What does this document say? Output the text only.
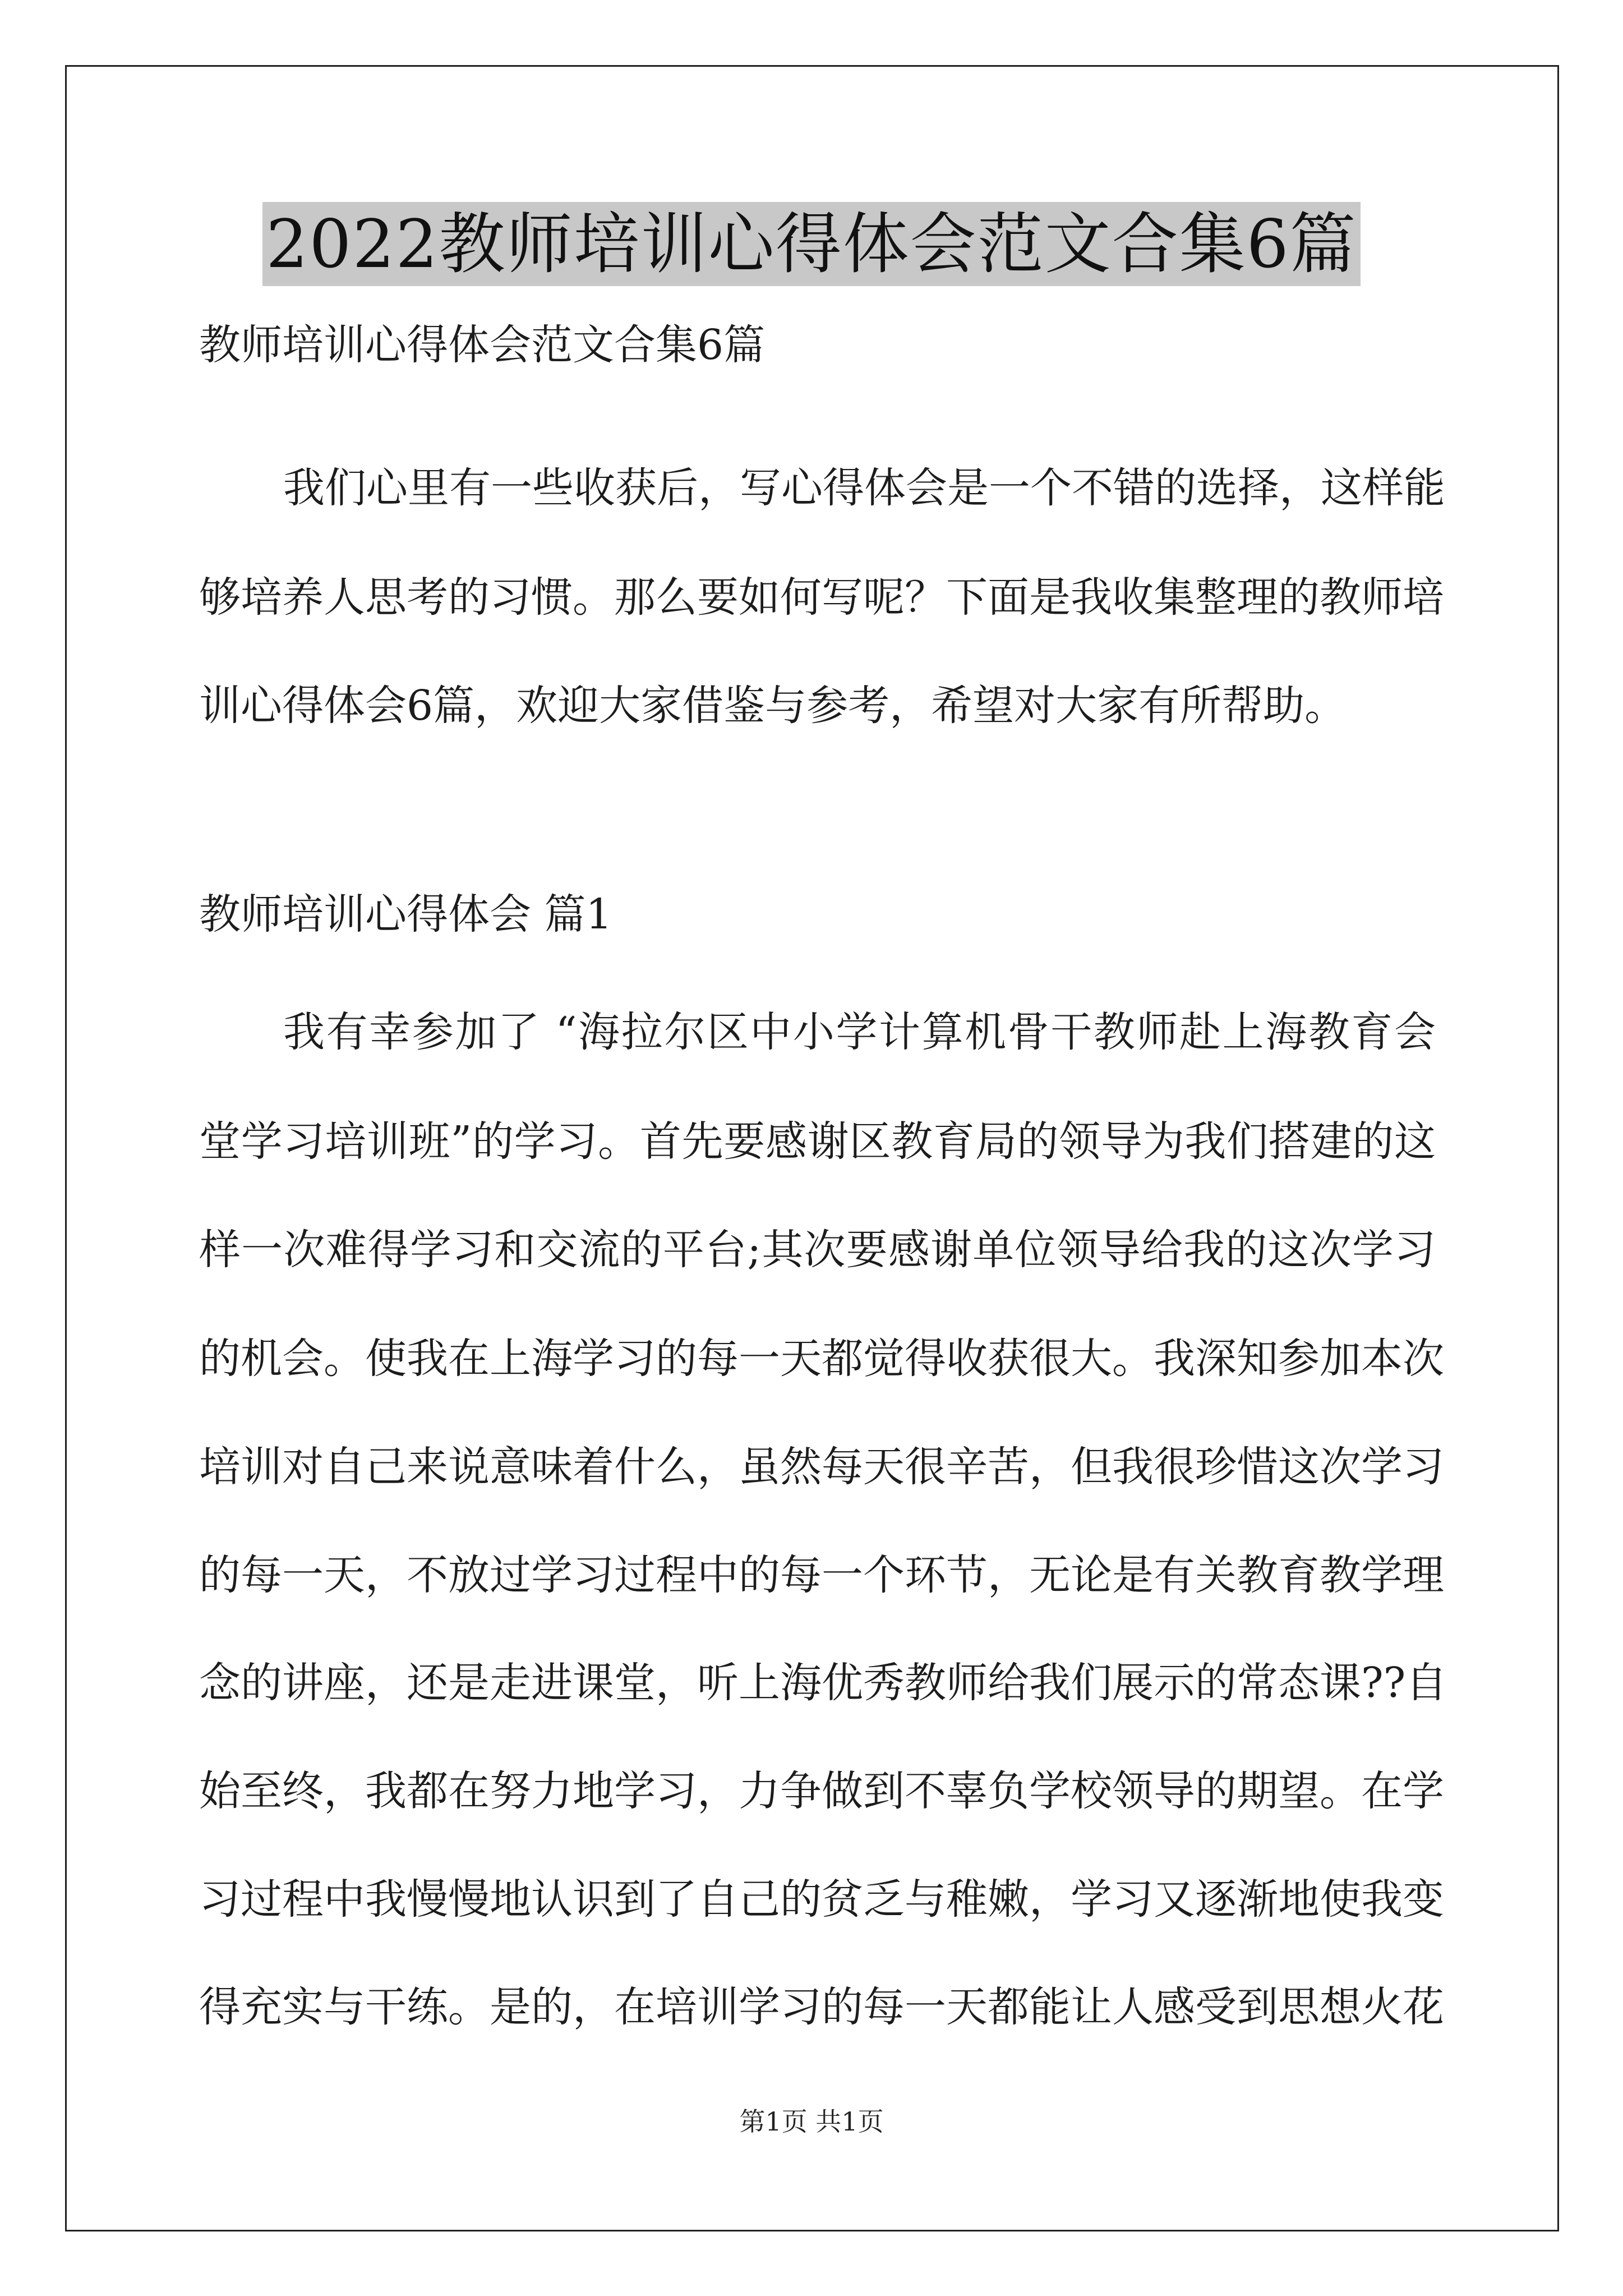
2022教师培训心得体会范文合集6篇
教师培训心得体会范文合集6篇
我们心里有一些收获后，写心得体会是一个不错的选择，这样能
够培养人思考的习惯。那么要如何写呢？下面是我收集整理的教师培
训心得体会6篇，欢迎大家借鉴与参考，希望对大家有所帮助。
教师培训心得体会 篇1
我有幸参加了 “海拉尔区中小学计算机骨干教师赴上海教育会
堂学习培训班”的学习。首先要感谢区教育局的领导为我们搭建的这
样一次难得学习和交流的平台;其次要感谢单位领导给我的这次学习
的机会。使我在上海学习的每一天都觉得收获很大。我深知参加本次
培训对自己来说意味着什么，虽然每天很辛苦，但我很珍惜这次学习
的每一天，不放过学习过程中的每一个环节，无论是有关教育教学理
念的讲座，还是走进课堂，听上海优秀教师给我们展示的常态课??自
始至终，我都在努力地学习，力争做到不辜负学校领导的期望。在学
习过程中我慢慢地认识到了自己的贫乏与稚嫩，学习又逐渐地使我变
得充实与干练。是的，在培训学习的每一天都能让人感受到思想火花
第1页 共1页
